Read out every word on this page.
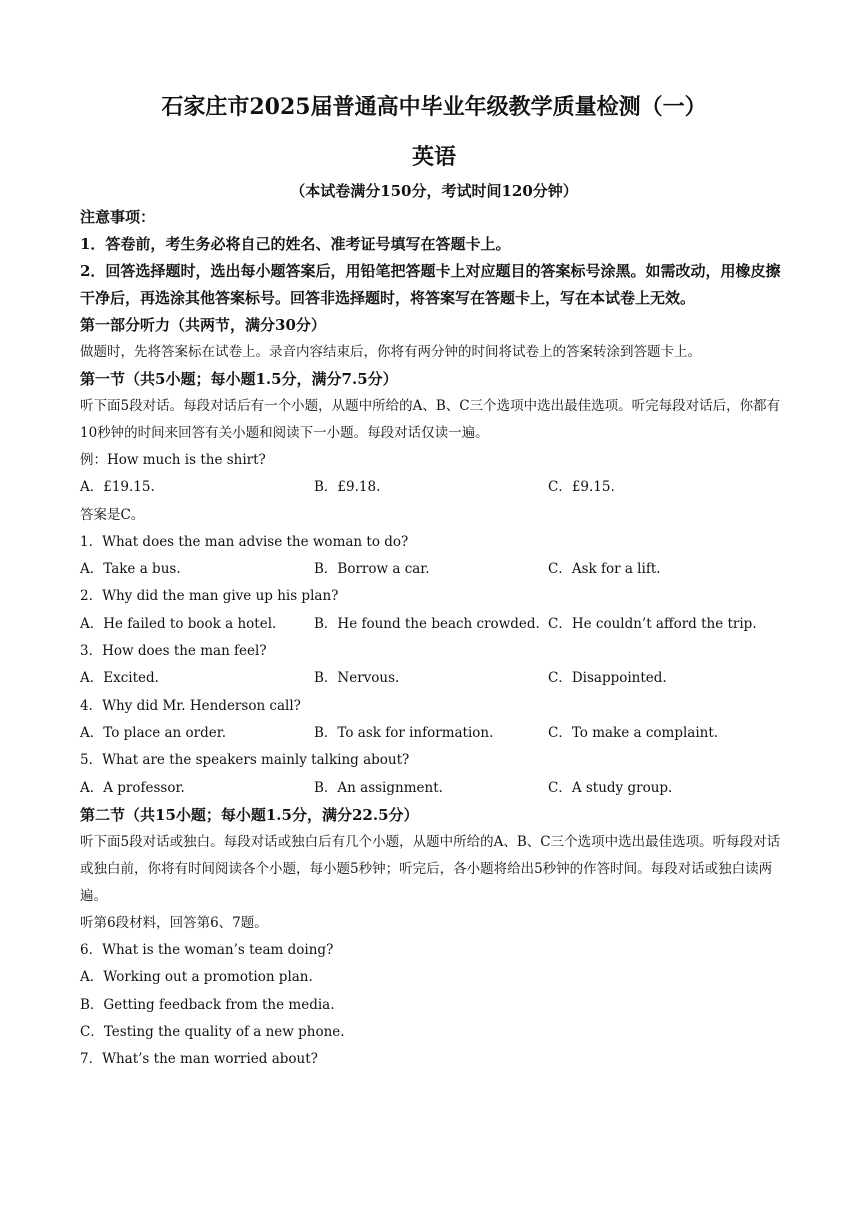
石家庄市2025届普通高中毕业年级教学质量检测（一）
英语
（本试卷满分150分，考试时间120分钟）
注意事项：
1．答卷前，考生务必将自己的姓名、准考证号填写在答题卡上。
2．回答选择题时，选出每小题答案后，用铅笔把答题卡上对应题目的答案标号涂黑。如需改动，用橡皮擦干净后，再选涂其他答案标号。回答非选择题时，将答案写在答题卡上，写在本试卷上无效。
第一部分听力（共两节，满分30分）
做题时，先将答案标在试卷上。录音内容结束后，你将有两分钟的时间将试卷上的答案转涂到答题卡上。
第一节（共5小题；每小题1.5分，满分7.5分）
听下面5段对话。每段对话后有一个小题，从题中所给的A、B、C三个选项中选出最佳选项。听完每段对话后，你都有10秒钟的时间来回答有关小题和阅读下一小题。每段对话仅读一遍。
例：How much is the shirt?
A．£19.15.	B．£9.18.	C．£9.15.
答案是C。
1．What does the man advise the woman to do?
A．Take a bus.	B．Borrow a car.	C．Ask for a lift.
2．Why did the man give up his plan?
A．He failed to book a hotel.	B．He found the beach crowded. C．He couldn’t afford the trip.
3．How does the man feel?
A．Excited.	B．Nervous.	C．Disappointed.
4．Why did Mr. Henderson call?
A．To place an order.	B．To ask for information.	C．To make a complaint.
5．What are the speakers mainly talking about?
A．A professor.	B．An assignment.	C．A study group.
第二节（共15小题；每小题1.5分，满分22.5分）
听下面5段对话或独白。每段对话或独白后有几个小题，从题中所给的A、B、C三个选项中选出最佳选项。听每段对话或独白前，你将有时间阅读各个小题，每小题5秒钟；听完后，各小题将给出5秒钟的作答时间。每段对话或独白读两遍。
听第6段材料，回答第6、7题。
6．What is the woman’s team doing?
A．Working out a promotion plan.
B．Getting feedback from the media.
C．Testing the quality of a new phone.
7．What’s the man worried about?
